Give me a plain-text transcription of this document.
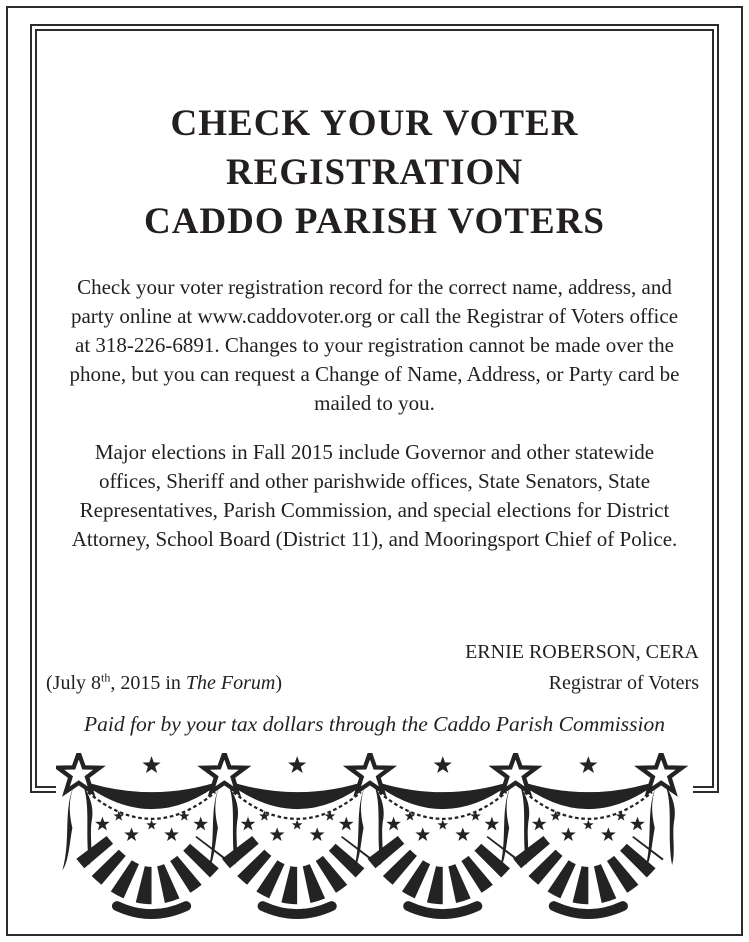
CHECK YOUR VOTER
REGISTRATION
CADDO PARISH VOTERS

Check your voter registration record for the correct name, address, and party online at www.caddovoter.org or call the Registrar of Voters office at 318-226-6891. Changes to your registration cannot be made over the phone, but you can request a Change of Name, Address, or Party card be mailed to you.

Major elections in Fall 2015 include Governor and other statewide offices, Sheriff and other parishwide offices, State Senators, State Representatives, Parish Commission, and special elections for District Attorney, School Board (District 11), and Mooringsport Chief of Police.

ERNIE ROBERSON, CERA
(July 8th, 2015 in The Forum)	Registrar of Voters
Paid for by your tax dollars through the Caddo Parish Commission
